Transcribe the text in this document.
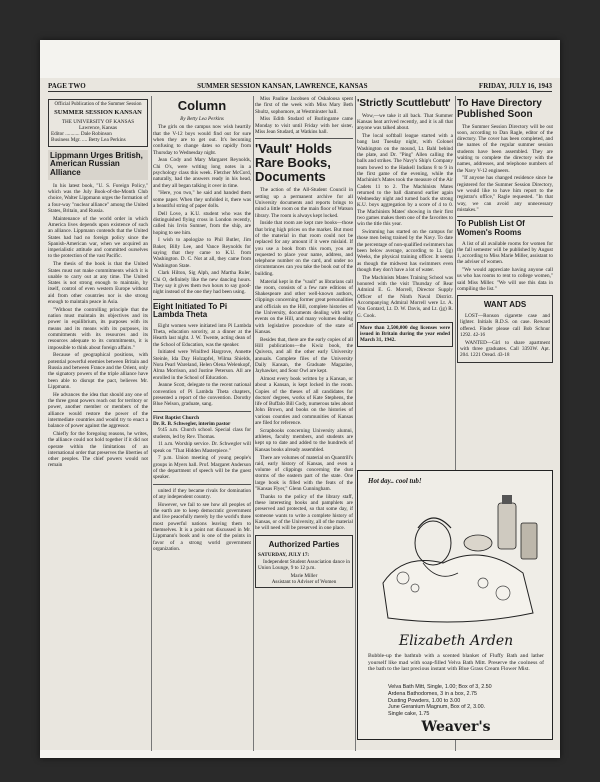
PAGE TWO	SUMMER SESSION KANSAN, LAWRENCE, KANSAS	FRIDAY, JULY 16, 1943
Official Publication of the Summer Session
SUMMER SESSION KANSAN
THE UNIVERSITY OF KANSAS
Lawrence, Kansas
Editor ........... Dale Robinson
Business Mgr. .... Betty Lea Perkins
Lippmann Urges British, American Russian Alliance

In his latest book, "U. S. Foreign Policy," which was the July Book-of-the-Month Club choice, Walter Lippmann urges the formation of a four-way "nuclear alliance" among the United States, Britain, and Russia.

Maintenance of the world order in which America lives depends upon existence of such an alliance. Lippmann contends that the United States had had no foreign policy since the Spanish-American war, when we acquired an imperialistic attitude and committed ourselves to the protection of the vast Pacific.

The thesis of the book is that the United States must not make commitments which it is unable to carry out at any time. The United States is not strong enough to maintain, by itself, control of even western Europe without aid from other countries nor is she strong enough to maintain peace in Asia.

"Without the controlling principle that the nation must maintain its objectives and its power in equilibrium, its purposes with its means and its means with its purposes, its commitments with its resources and its resources adequate to its commitments, it is impossible to think about foreign affairs."

Because of geographical positions, with potential powerful enemies between Britain and Russia and between France and the Orient, only the signatory powers of the triple alliance have been able to disrupt the pact, believes Mr. Lippmann.

He advances the idea that should any one of the three great powers reach out for territory or power, another member or members of the alliance would restore the power of the intermediate countries and would try to enact a balance of power against the aggressor.

Chiefly for the foregoing reasons, he writes, the alliance could not hold together if it did not operate within the limitations of an international order that preserves the liberties of other peoples. The chief powers would not remain

Column
By Betty Lea Perkins

The girls on the campus now wish heartily that the V-12 boys would find out for sure when they are to get out. It's becoming confusing to change dates so rapidly from Thursday to Wednesday night.

Jean Cody and Mary Margaret Reynolds, Chi O's, were writing long notes in a psychology class this week. Fletcher McCord, naturally, had the answers ready in his head, and they all began talking it over in time.

"Here, you two," he said and handed them some paper. When they unfolded it, there was a beautiful string of paper dolls.

Dell Love, a K.U. student who was the distinguished flying cross in London recently, called his Irvin Sumner, from the ship, are hoping to see him.

I wish to apologize to Phil Butler, Jim Baker, Billy Lee, and Vance Reynolds for saying that they came to K.U. from Washington. D. C. Not at all, they came from Washington State.

Clark Hilton, Sig Alph, and Martha Ruler, Chi O, definitely like the new dancing hours. They say it gives them two hours to say good-night instead of the one they had been using.

Eight Initiated To Pi Lambda Theta

Eight women were initiated into Pi Lambda Theta, education sorority, at a dinner at the Hearth last night. J. W. Twente, acting dean of the School of Education, was the speaker.

Initiated were Winifred Hargrove, Annette Steinle, Ida Day Holzapfel, Wilma Shields, Nora Pearl Wareland, Helen Olena Welenkopf, Alma Morrison, and Justine Peterson. All are enrolled in the School of Education.

Jeanne Scott, delegate to the recent national convention of Pi Lambda Theta chapters, presented a report of the convention. Dorothy Blue Nelson, graduate, sang.

First Baptist Church
Dr. R. B. Schwegler, interim pastor

9:45 a.m. Church school. Special class for students, led by Rev. Thomas.

11 a.m. Worship service. Dr. Schwegler will speak on "That Hidden Masterpiece."

7 p.m. Union meeting of young people's groups in Myers hall. Prof. Margaret Anderson of the department of speech will be the guest speaker.

united if they became rivals for domination of any independent country.

However, we fail to see how all peoples of the earth are to keep democratic government and live peacefully merely by the world's three most powerful nations leaving them to themselves. It is a point not discussed in Mr. Lippmann's book and is one of the points in favor of a strong world government organization.

Miss Pauline Jacobsen of Oskaloosa spent the first of the week with Miss Mary Beth Shultz, sophomore, at Westminster hall.

Miss Edith Studard of Burlingame came Monday to visit until Friday with her sister, Miss Jean Studard, at Watkins hall.

'Vault' Holds Rare Books, Documents

The action of the All-Student Council in setting up a permanent archive for all University documents and reports brings to mind a little room on the main floor of Watson library. The room is always kept locked.

Inside that room are kept rare books—those that bring high prices on the market. But most of the material in that room could not be replaced for any amount if it were mislaid. If you use a book from this room, you are requested to place your name, address, and telephone number on the card, and under no circumstances can you take the book out of the building.

Material kept in the "vault" as librarians call the room, consists of a few rare editions of Shakespeare and other well-known authors, clippings concerning former great personalities and officials on the Hill, complete histories of the University, documents dealing with early events on the Hill, and many volumes dealing with legislative procedure of the state of Kansas.

Besides that, there are the early copies of all Hill publications—the Kwiz book, the Quivera, and all the other early University annuals. Complete files of the University Daily Kansan, the Graduate Magazine, Jayhawker, and Sour Owl are kept.

Almost every book written by a Kansan, or about a Kansan, is kept locked in the room. Copies of the theses of all candidates for doctors' degrees, works of Kate Stephens, the life of Buffalo Bill Cody, numerous tales about John Brown, and books on the histories of various counties and communities of Kansas are filed for reference.

Scrapbooks concerning University alumni, athletes, faculty members, and students are kept up to date and added to the hundreds of Kansas books already assembled.

There are volumes of material on Quantrill's raid, early history of Kansas, and even a volume of clippings concerning the dust storms of the eastern part of the state. One large book is filled with the feats of the "Kansas Flyer," Glenn Cunningham.

Thanks to the policy of the library staff, these interesting books and pamphlets are preserved and protected, so that some day, if someone wants to write a complete history of Kansas, or of the University, all of the material he will need will be preserved in one place.

Authorized Parties
SATURDAY, JULY 17:

Independent Student Association dance in Union Lounge, 9 to 12 p.m.

Marie Miller
Assistant to Adviser of Women
'Strictly Scuttlebutt'

Wow,—we take it all back. That Summer Kansas heat arrived recently, and it is all that anyone was talked about.

The local softball league started with a bang last Tuesday night, with Colonel Washington on the mound, Lt. Bahl behind the plate, and Dr. "Ping" Allen calling the balls and strikes. The Navy's Ship's Company team bowed to the Haskell Indians 8 to 9 in the first game of the evening, while the Machinist's Mates took the measure of the Air Cadets 11 to 2. The Machinists Mates returned to the ball diamond earlier again Wednesday night and turned back the strong K.U. boys aggregation by a score of 4 to 0. The Machinists Mates' showing in their first two games makes them one of the favorites to win the title this year.

Swimming has started on the campus for those men being trained by the Navy. To date the percentage of non-qualified swimmers has been below average, according to Lt. (jg) Weeks, the physical training officer. It seems as though the midwest has swimmers even though they don't have a lot of water.

The Machinists Mates Training School was honored with the visit Thursday of Rear Admiral E. G. Morrell, Director Supply Officer of the Ninth Naval District. Accompanying Admiral Morrell were Lt. A. Von Gontard, Lt. D. W. Davis, and Lt. (jg) R. G. Cook.

More than 2,500,000 dog licenses were issued in Britain during the year ended March 31, 1942.
To Have Directory Published Soon

The Summer Session Directory will be out soon, according to Dan Ragle, editor of the directory. The cover has been completed, and the names of the regular summer session students have been assembled. They are waiting to complete the directory with the names, addresses, and telephone numbers of the Navy V-12 engineers.

"If anyone has changed residence since he registered for the Summer Session Directory, we would like to have him report to the registrar's office," Ragle requested. "In that way, we can avoid any unnecessary mistakes."

To Publish List Of Women's Rooms

A list of all available rooms for women for the fall semester will be published by August 1, according to Miss Marie Miller, assistant to the adviser of women.

"We would appreciate having anyone call us who has rooms to rent to college women," said Miss Miller. "We will use this data in compiling the list."

WANT ADS

LOST—Ronson cigarette case and lighter. Initials R.D.S. on case. Reward offered. Finder please call Bob Schnur 1292. 42-16

WANTED—Girl to share apartment with three graduates. Call 3393W. Apt. 204. 1221 Oread. 43-18

Hot day.. cool tub!
Elizabeth Arden
Bubble-up the bathtub with a scented blanket of Fluffy Bath and lather yourself like mad with soap-filled Velva Bath Mitt. Preserve the coolness of the bath to the last precious instant with Blue Grass Cream Flower Mist.
Velva Bath Mitt, Single, 1.00; Box of 3, 2.50
Ardena Bathodomes, 3 in a box, 2.75
Dusting Powders, 1.00 to 3.00
June Geranium Magnum, Box of 2, 3.00.
Single cake, 1.75
Weaver's
